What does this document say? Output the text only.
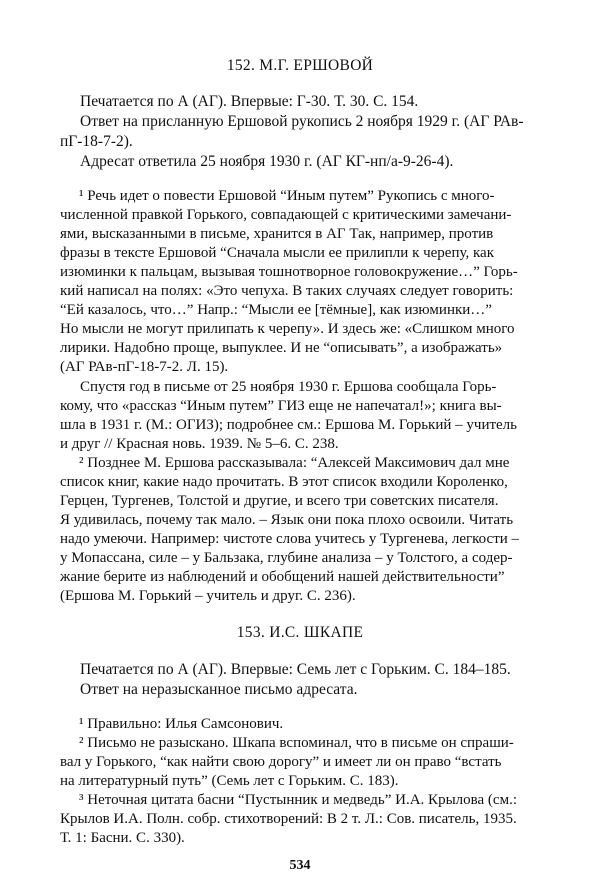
152. М.Г. ЕРШОВОЙ
Печатается по А (АГ). Впервые: Г-30. Т. 30. С. 154.
Ответ на присланную Ершовой рукопись 2 ноября 1929 г. (АГ РАв-
пГ-18-7-2).
Адресат ответила 25 ноября 1930 г. (АГ КГ-нп/а-9-26-4).
¹ Речь идет о повести Ершовой “Иным путем” Рукопись с много-
численной правкой Горького, совпадающей с критическими замечани-
ями, высказанными в письме, хранится в АГ Так, например, против
фразы в тексте Ершовой “Сначала мысли ее прилипли к черепу, как
изюминки к пальцам, вызывая тошнотворное головокружение…” Горь-
кий написал на полях: «Это чепуха. В таких случаях следует говорить:
“Ей казалось, что…” Напр.: “Мысли ее [тёмные], как изюминки…”
Но мысли не могут прилипать к черепу». И здесь же: «Слишком много
лирики. Надобно проще, выпуклее. И не “описывать”, а изображать»
(АГ РАв-пГ-18-7-2. Л. 15).
Спустя год в письме от 25 ноября 1930 г. Ершова сообщала Горь-
кому, что «рассказ “Иным путем” ГИЗ еще не напечатал!»; книга вы-
шла в 1931 г. (М.: ОГИЗ); подробнее см.: Ершова М. Горький – учитель
и друг // Красная новь. 1939. № 5–6. С. 238.
² Позднее М. Ершова рассказывала: “Алексей Максимович дал мне
список книг, какие надо прочитать. В этот список входили Короленко,
Герцен, Тургенев, Толстой и другие, и всего три советских писателя.
Я удивилась, почему так мало. – Язык они пока плохо освоили. Читать
надо умеючи. Например: чистоте слова учитесь у Тургенева, легкости –
у Мопассана, силе – у Бальзака, глубине анализа – у Толстого, а содер-
жание берите из наблюдений и обобщений нашей действительности”
(Ершова М. Горький – учитель и друг. С. 236).
153. И.С. ШКАПЕ
Печатается по А (АГ). Впервые: Семь лет с Горьким. С. 184–185.
Ответ на неразысканное письмо адресата.
¹ Правильно: Илья Самсонович.
² Письмо не разыскано. Шкапа вспоминал, что в письме он спраши-
вал у Горького, “как найти свою дорогу” и имеет ли он право “встать
на литературный путь” (Семь лет с Горьким. С. 183).
³ Неточная цитата басни “Пустынник и медведь” И.А. Крылова (см.:
Крылов И.А. Полн. собр. стихотворений: В 2 т. Л.: Сов. писатель, 1935.
Т. 1: Басни. С. 330).
534
